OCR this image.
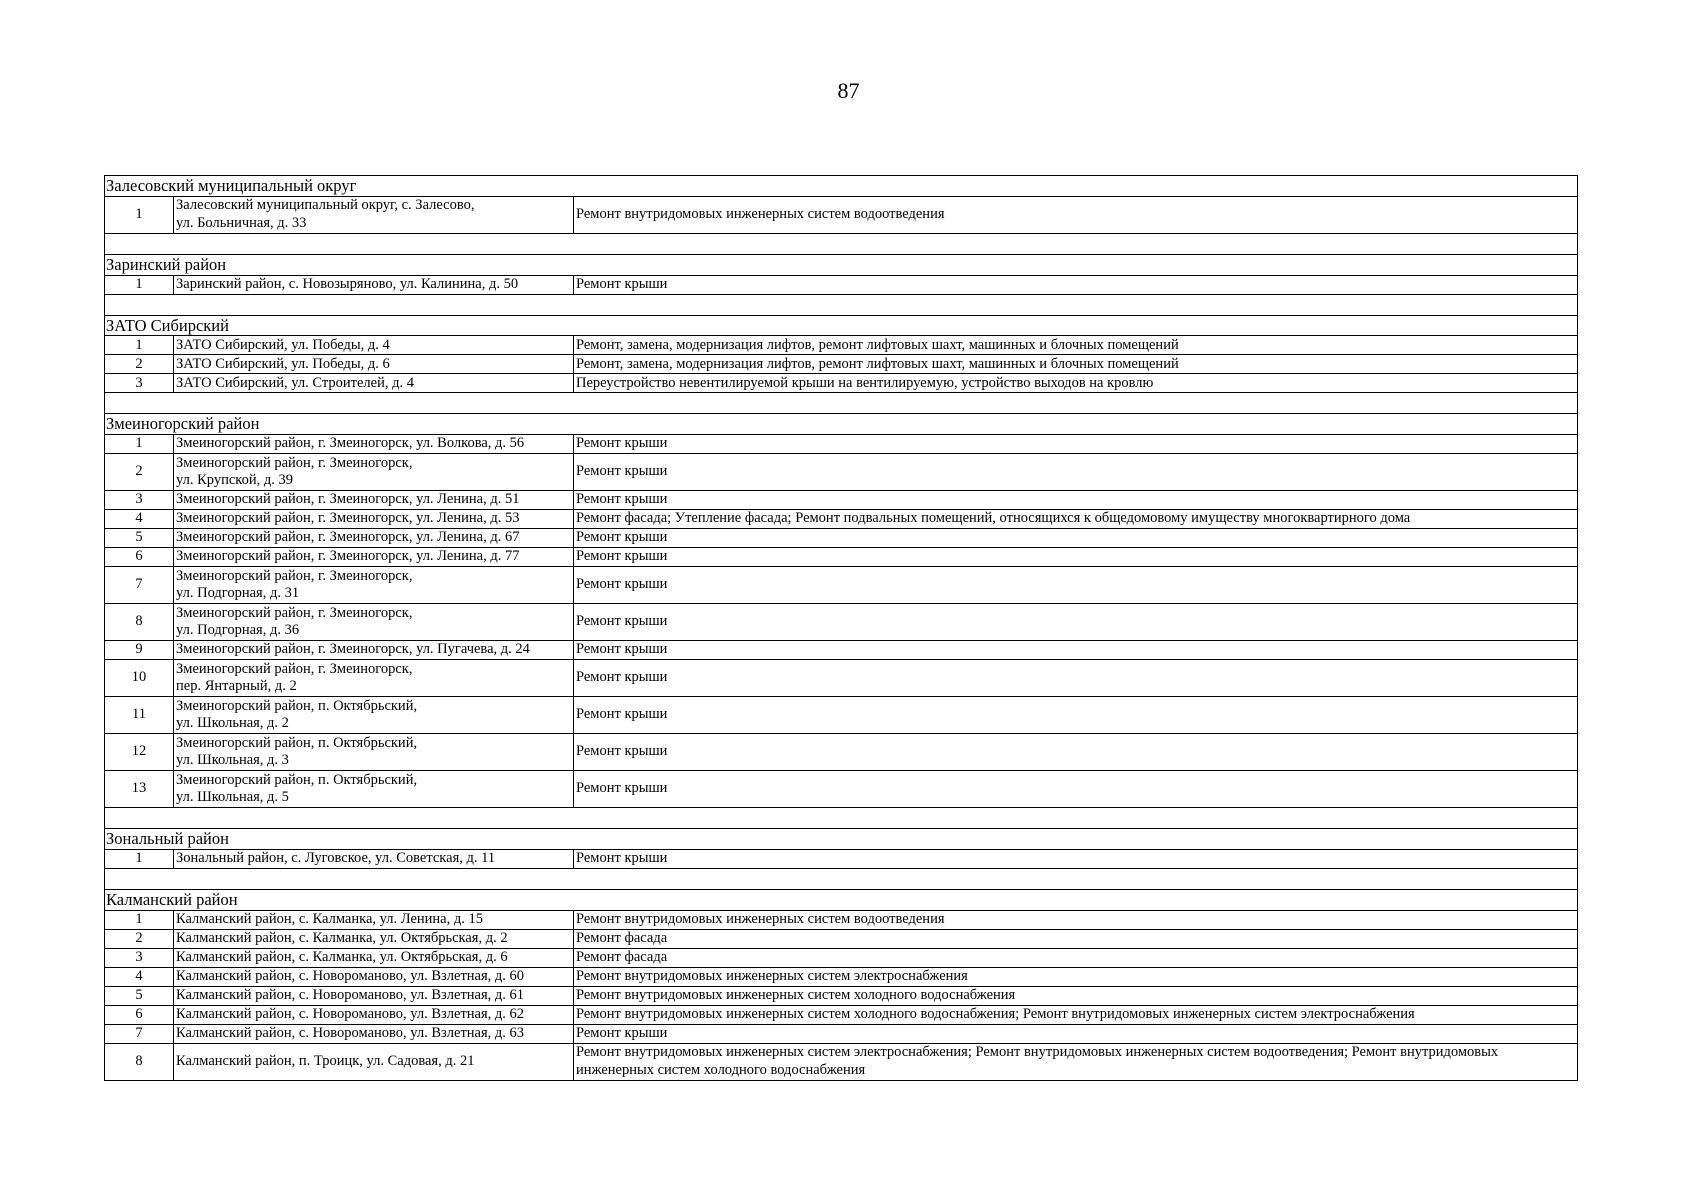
87
Залесовский муниципальный округ		
1	Залесовский муниципальный округ, с. Залесово,
ул. Больничная, д. 33	Ремонт внутридомовых инженерных систем водоотведения

Заринский район		
1	Заринский район, с. Новозыряново, ул. Калинина, д. 50	Ремонт крыши

ЗАТО Сибирский		
1	ЗАТО Сибирский, ул. Победы, д. 4	Ремонт, замена, модернизация лифтов, ремонт лифтовых шахт, машинных и блочных помещений
2	ЗАТО Сибирский, ул. Победы, д. 6	Ремонт, замена, модернизация лифтов, ремонт лифтовых шахт, машинных и блочных помещений
3	ЗАТО Сибирский, ул. Строителей, д. 4	Переустройство невентилируемой крыши на вентилируемую, устройство выходов на кровлю

Змеиногорский район		
1	Змеиногорский район, г. Змеиногорск, ул. Волкова, д. 56	Ремонт крыши
2	Змеиногорский район, г. Змеиногорск,
ул. Крупской, д. 39	Ремонт крыши
3	Змеиногорский район, г. Змеиногорск, ул. Ленина, д. 51	Ремонт крыши
4	Змеиногорский район, г. Змеиногорск, ул. Ленина, д. 53	Ремонт фасада; Утепление фасада; Ремонт подвальных помещений, относящихся к общедомовому имуществу многоквартирного дома
5	Змеиногорский район, г. Змеиногорск, ул. Ленина, д. 67	Ремонт крыши
6	Змеиногорский район, г. Змеиногорск, ул. Ленина, д. 77	Ремонт крыши
7	Змеиногорский район, г. Змеиногорск,
ул. Подгорная, д. 31	Ремонт крыши
8	Змеиногорский район, г. Змеиногорск,
ул. Подгорная, д. 36	Ремонт крыши
9	Змеиногорский район, г. Змеиногорск, ул. Пугачева, д. 24	Ремонт крыши
10	Змеиногорский район, г. Змеиногорск,
пер. Янтарный, д. 2	Ремонт крыши
11	Змеиногорский район, п. Октябрьский,
ул. Школьная, д. 2	Ремонт крыши
12	Змеиногорский район, п. Октябрьский,
ул. Школьная, д. 3	Ремонт крыши
13	Змеиногорский район, п. Октябрьский,
ул. Школьная, д. 5	Ремонт крыши

Зональный район		
1	Зональный район, с. Луговское, ул. Советская, д. 11	Ремонт крыши

Калманский район		
1	Калманский район, с. Калманка, ул. Ленина, д. 15	Ремонт внутридомовых инженерных систем водоотведения
2	Калманский район, с. Калманка, ул. Октябрьская, д. 2	Ремонт фасада
3	Калманский район, с. Калманка, ул. Октябрьская, д. 6	Ремонт фасада
4	Калманский район, с. Новороманово, ул. Взлетная, д. 60	Ремонт внутридомовых инженерных систем электроснабжения
5	Калманский район, с. Новороманово, ул. Взлетная, д. 61	Ремонт внутридомовых инженерных систем холодного водоснабжения
6	Калманский район, с. Новороманово, ул. Взлетная, д. 62	Ремонт внутридомовых инженерных систем холодного водоснабжения; Ремонт внутридомовых инженерных систем электроснабжения
7	Калманский район, с. Новороманово, ул. Взлетная, д. 63	Ремонт крыши
8	Калманский район, п. Троицк, ул. Садовая, д. 21	Ремонт внутридомовых инженерных систем электроснабжения; Ремонт внутридомовых инженерных систем водоотведения; Ремонт внутридомовых инженерных систем холодного водоснабжения
